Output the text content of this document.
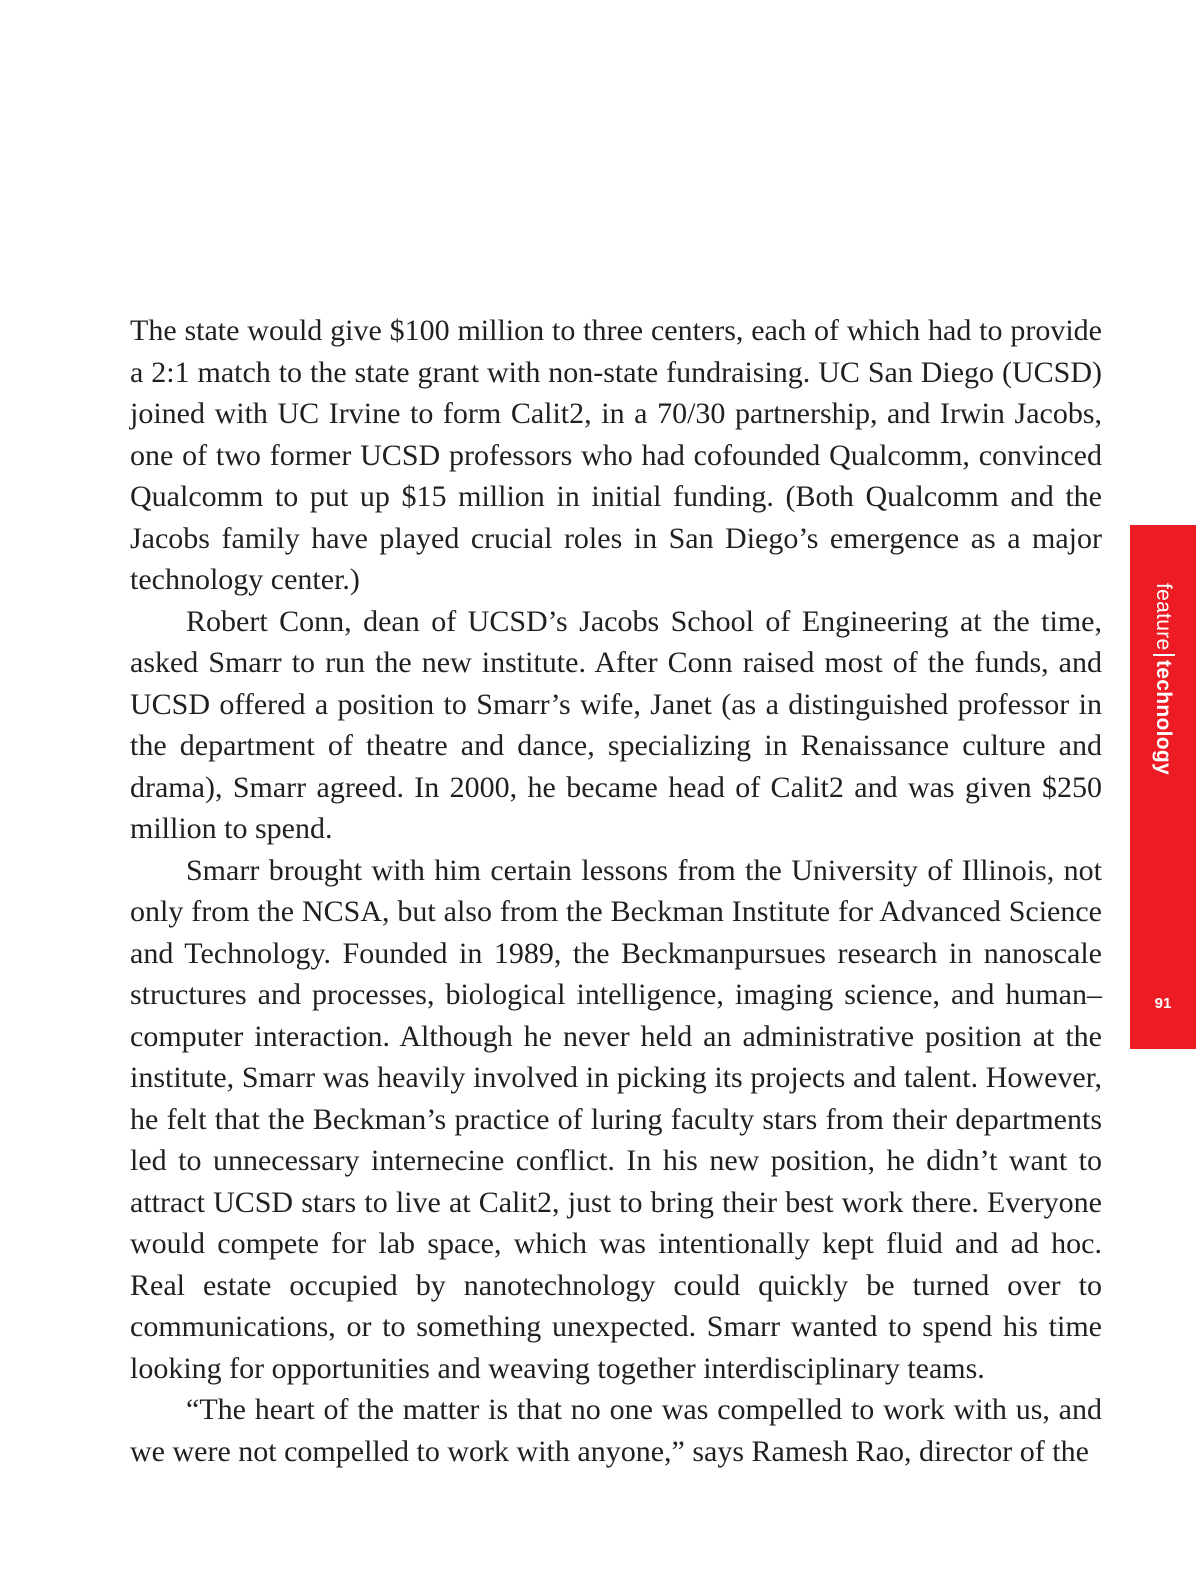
The state would give $100 million to three centers, each of which had to provide a 2:1 match to the state grant with non-state fundraising. UC San Diego (UCSD) joined with UC Irvine to form Calit2, in a 70/30 partnership, and Irwin Jacobs, one of two former UCSD professors who had cofounded Qualcomm, convinced Qualcomm to put up $15 million in initial funding. (Both Qualcomm and the Jacobs family have played crucial roles in San Diego’s emergence as a major technology center.)

Robert Conn, dean of UCSD’s Jacobs School of Engineering at the time, asked Smarr to run the new institute. After Conn raised most of the funds, and UCSD offered a position to Smarr’s wife, Janet (as a distinguished professor in the department of theatre and dance, specializing in Renaissance culture and drama), Smarr agreed. In 2000, he became head of Calit2 and was given $250 million to spend.

Smarr brought with him certain lessons from the University of Illinois, not only from the NCSA, but also from the Beckman Institute for Advanced Science and Technology. Founded in 1989, the Beckmanpursues research in nanoscale structures and processes, biological intelligence, imaging science, and human–computer interaction. Although he never held an administrative position at the institute, Smarr was heavily involved in picking its projects and talent. However, he felt that the Beckman’s practice of luring faculty stars from their departments led to unnecessary internecine conflict. In his new position, he didn’t want to attract UCSD stars to live at Calit2, just to bring their best work there. Everyone would compete for lab space, which was intentionally kept fluid and ad hoc. Real estate occupied by nanotechnology could quickly be turned over to communications, or to something unexpected. Smarr wanted to spend his time looking for opportunities and weaving together interdisciplinary teams.

“The heart of the matter is that no one was compelled to work with us, and we were not compelled to work with anyone,” says Ramesh Rao, director of the

featuretechnology
91
